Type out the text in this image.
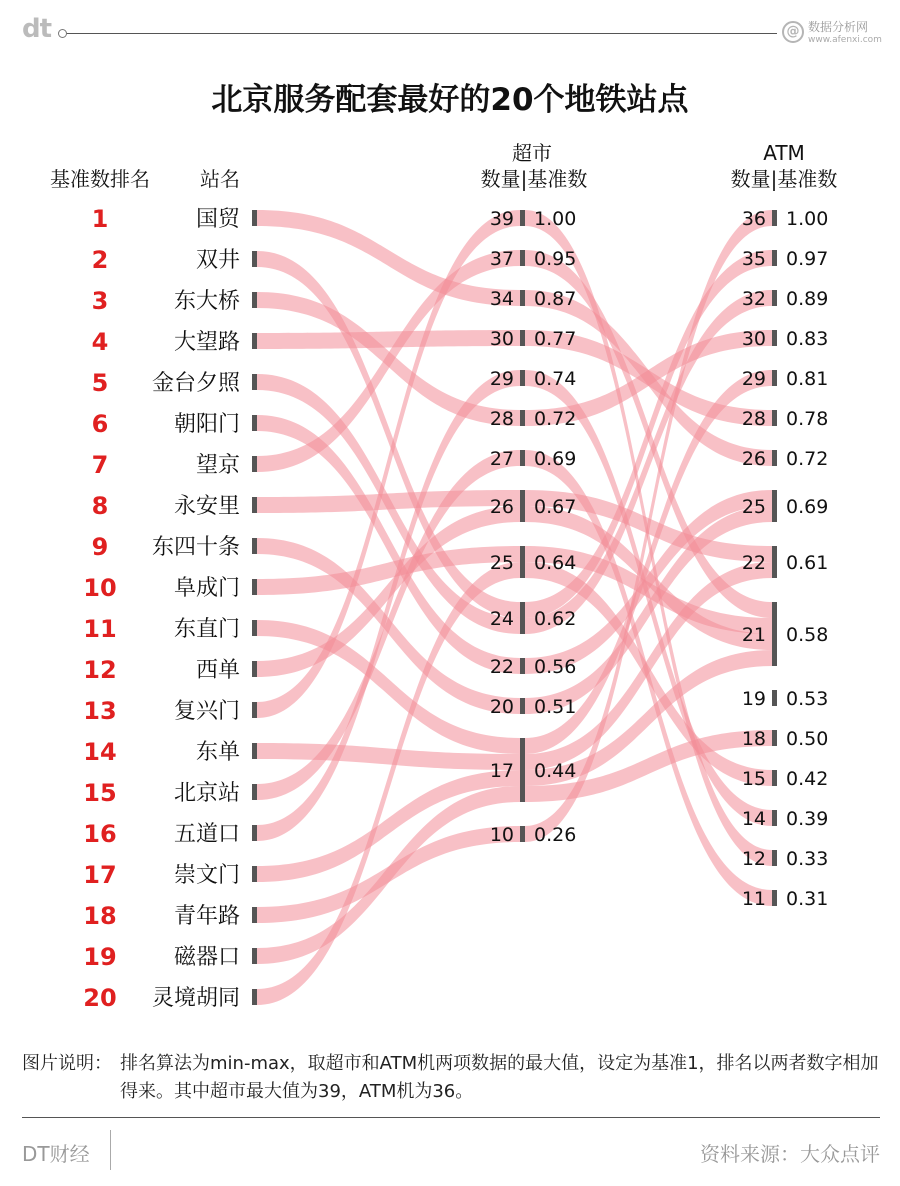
dt	@ 数据分析网
www.afenxi.com
北京服务配套最好的20个地铁站点
基准数排名	站名
超市
数量|基准数
ATM
数量|基准数
1	国贸
2	双井
3	东大桥
4	大望路
5 金台夕照
6	朝阳门
7	望京
8	永安里
9 东四十条
10	阜成门
11	东直门
12	西单
13	复兴门
14	东单
15	北京站
16	五道口
17	崇文门
18	青年路
19	磁器口
20 灵境胡同
10 0.26
17 0.44
20 0.51
22 0.56
24 0.62
25 0.64
26 0.67
27 0.69
28 0.72
29 0.74
30 0.77
34 0.87
37 0.95
39 1.00
11 0.31
12 0.33
14 0.39
15 0.42
18 0.50
19 0.53
21 0.58
22 0.61
25 0.69
26 0.72
28 0.78
29 0.81
30 0.83
32 0.89
35 0.97
36 1.00
图片说明： 排名算法为min-max，取超市和ATM机两项数据的最大值，设定为基准1，排名以两者数字相加得来。其中超市最大值为39，ATM机为36。
DT财经	资料来源：大众点评
